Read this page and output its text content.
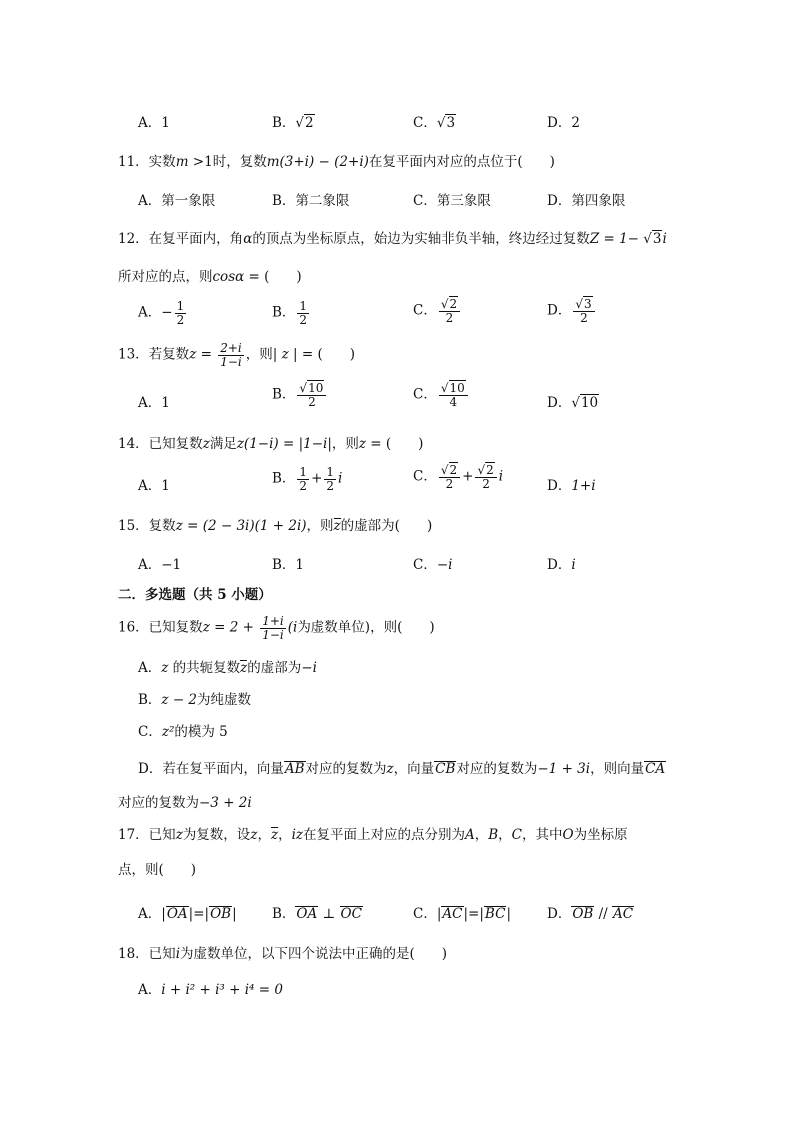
A．1	B．√2	C．√3	D．2
11．实数m >1时，复数m(3+i) − (2+i)在复平面内对应的点位于(　　)
A．第一象限	B．第二象限	C．第三象限	D．第四象限
12．在复平面内，角α的顶点为坐标原点，始边为实轴非负半轴，终边经过复数Z = 1− √3i
所对应的点，则cosα = (　　)
A．− $\frac{1}{2}$	B． $\frac{1}{2}$	C． $\frac{√2}{2}$	D． $\frac{√3}{2}$
13．若复数$z = \frac{2+i}{1-i}$ ，则| z | = (　　)
A．1
B． $\frac{√10}{2}$	C． $\frac{√10}{4}$	D．√10
14．已知复数z满足z(1−i) = |1−i|，则z = (　　)
A．1	B． $\frac{1}{2} + \frac{1}{2}$ i	C． $\frac{√2}{2} + \frac{√2}{2}$ i
D．1+i
15．复数z = (2 − 3i)(1 + 2i)，则z的虚部为(　　)
A．−1	B．1	C．−i	D．i
二．多选题（共 5 小题）
16．已知复数$z = 2 + \frac{1+i}{1-i} (i$为虚数单位)，则(　　)
A．z 的共轭复数z的虚部为−i
B．z − 2为纯虚数
C．z²的模为 5
D．若在复平面内，向量AB对应的复数为z，向量CB对应的复数为−1 + 3i，则向量CA
对应的复数为−3 + 2i
17．已知z为复数，设z，z，iz在复平面上对应的点分别为A，B，C，其中O为坐标原
点，则(　　)
A．|OA|=|OB|	B．OA ⊥ OC	C．|AC|=|BC|	D．OB // AC
18．已知i为虚数单位，以下四个说法中正确的是(　　)
A．i + i² + i³ + i⁴ = 0
